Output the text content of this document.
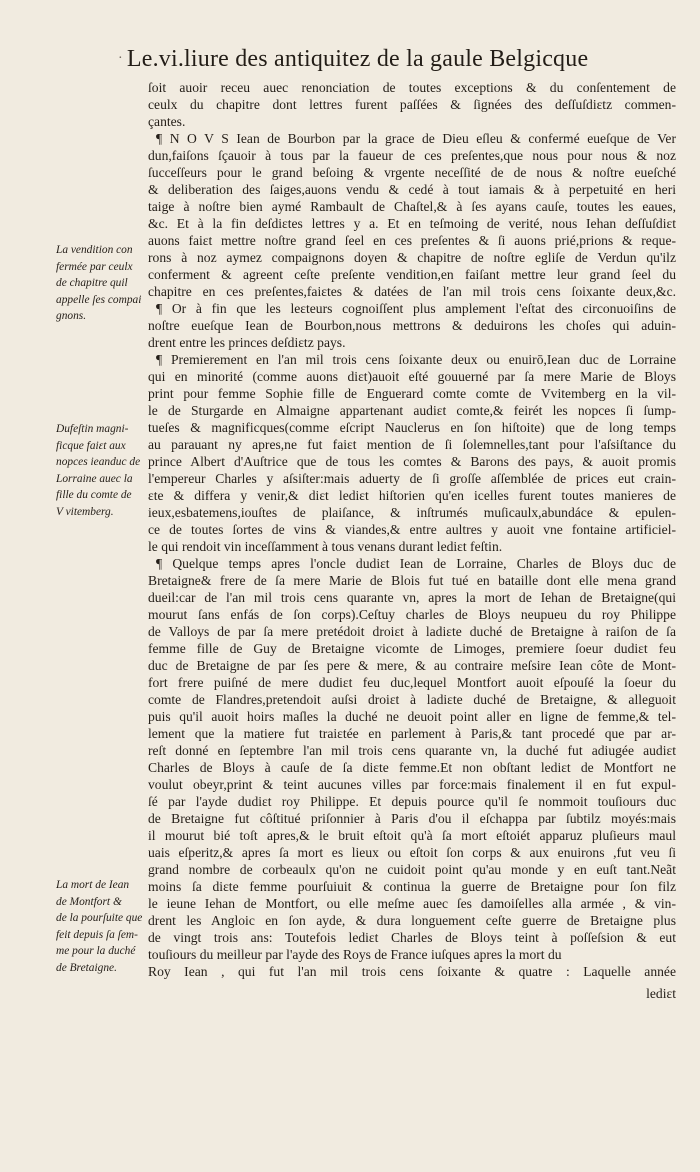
· Le.vi.liure des antiquitez de la gaule Belgicque
ſoit auoir receu auec renonciation de toutes exceptions & du conſentement de
ceulx du chapitre dont lettres furent paſſées & ſignées des deſſuſdiɛtz commen-
çantes.
¶ N O V S Iean de Bourbon par la grace de Dieu eſleu & confermé eueſque de Ver
dun,faiſons ſçauoir à tous par la faueur de ces preſentes,que nous pour nous & noz
ſucceſſeurs pour le grand beſoing & vrgente neceſſité de de nous & noſtre eueſché
& deliberation des ſaiges,auons vendu & cedé à tout iamais & à perpetuité en heri
taige à noſtre bien aymé Rambault de Chaſtel,& à ſes ayans cauſe, toutes les eaues,
&c. Et à la fin deſdiɛtes lettres y a. Et en teſmoing de verité, nous Iehan deſſuſdiɛt
auons faiɛt mettre noſtre grand ſeel en ces preſentes & ſi auons prié,prions & reque-
rons à noz aymez compaignons doyen & chapitre de noſtre egliſe de Verdun qu'ilz
conferment & agreent ceſte preſente vendition,en faiſant mettre leur grand ſeel du
chapitre en ces preſentes,faiɛtes & datées de l'an mil trois cens ſoixante deux,&c.
¶ Or à fin que les leɛteurs cognoiſſent plus amplement l'eſtat des circonuoiſins de
noſtre eueſque Iean de Bourbon,nous mettrons & deduirons les choſes qui aduin-
drent entre les princes deſdiɛtz pays.
¶ Premierement en l'an mil trois cens ſoixante deux ou enuirō,Iean duc de Lorraine
qui en minorité (comme auons diɛt)auoit eſté gouuerné par ſa mere Marie de Bloys
print pour femme Sophie fille de Enguerard comte comte de Vvitemberg en la vil-
le de Sturgarde en Almaigne appartenant audiɛt comte,& feirét les nopces ſi ſump-
tueſes & magnificques(comme eſcript Nauclerus en ſon hiſtoite) que de long temps
au parauant ny apres,ne fut faiɛt mention de ſi ſolemnelles,tant pour l'aſsiſtance du
prince Albert d'Auſtrice que de tous les comtes & Barons des pays, & auoit promis
l'empereur Charles y aſsiſter:mais aduerty de ſi groſſe aſſemblée de prices eut crain-
ɛte & differa y venir,& diɛt lediɛt hiſtorien qu'en icelles furent toutes manieres de
ieux,esbatemens,iouſtes de plaiſance, & inſtrumés muſicaulx,abundáce & epulen-
ce de toutes ſortes de vins & viandes,& entre aultres y auoit vne fontaine artificiel-
le qui rendoit vin inceſſamment à tous venans durant lediɛt feſtin.
¶ Quelque temps apres l'oncle dudiɛt Iean de Lorraine, Charles de Bloys duc de
Bretaigne& frere de ſa mere Marie de Blois fut tué en bataille dont elle mena grand
dueil:car de l'an mil trois cens quarante vn, apres la mort de Iehan de Bretaigne(qui
mourut ſans enfás de ſon corps).Ceſtuy charles de Bloys neupueu du roy Philippe
de Valloys de par ſa mere pretédoit droiɛt à ladiɛte duché de Bretaigne à raiſon de ſa
femme fille de Guy de Bretaigne vicomte de Limoges, premiere ſoeur dudiɛt feu
duc de Bretaigne de par ſes pere & mere, & au contraire meſsire Iean côte de Mont-
fort frere puiſné de mere dudiɛt feu duc,lequel Montfort auoit eſpouſé la ſoeur du
comte de Flandres,pretendoit auſsi droiɛt à ladiɛte duché de Bretaigne, & alleguoit
puis qu'il auoit hoirs maſles la duché ne deuoit point aller en ligne de femme,& tel-
lement que la matiere fut traiɛtée en parlement à Paris,& tant procedé que par ar-
reſt donné en ſeptembre l'an mil trois cens quarante vn, la duché fut adiugée audiɛt
Charles de Bloys à cauſe de ſa diɛte femme.Et non obſtant lediɛt de Montfort ne
voulut obeyr,print & teint aucunes villes par force:mais finalement il en fut expul-
ſé par l'ayde dudiɛt roy Philippe. Et depuis pource qu'il ſe nommoit touſiours duc
de Bretaigne fut côſtitué priſonnier à Paris d'ou il eſchappa par ſubtilz moyés:mais
il mourut bié toſt apres,& le bruit eſtoit qu'à ſa mort eſtoiét apparuz pluſieurs maul
uais eſperitz,& apres ſa mort es lieux ou eſtoit ſon corps & aux enuirons ,fut veu ſi
grand nombre de corbeaulx qu'on ne cuidoit point qu'au monde y en euſt tant.Neãt
moins ſa diɛte femme pourſuiuit & continua la guerre de Bretaigne pour ſon filz
le ieune Iehan de Montfort, ou elle meſme auec ſes damoiſelles alla armée , & vin-
drent les Angloic en ſon ayde, & dura longuement ceſte guerre de Bretaigne plus
de vingt trois ans: Toutefois lediɛt Charles de Bloys teint à poſſeſsion & eut
touſiours du meilleur par l'ayde des Roys de France iuſques apres la mort du
Roy Iean , qui fut l'an mil trois cens ſoixante & quatre : Laquelle année
La vendition con
fermée par ceulx
de chapitre quil
appelle ſes compai
gnons.
Dufeſtin magni-
ficque faiɛt aux
nopces ieanduc de
Lorraine auec la
fille du comte de
V vitemberg.
La mort de Iean
de Montfort &
de la pourſuite que
feit depuis ſa ſem-
me pour la duché
de Bretaigne.
lediɛt
